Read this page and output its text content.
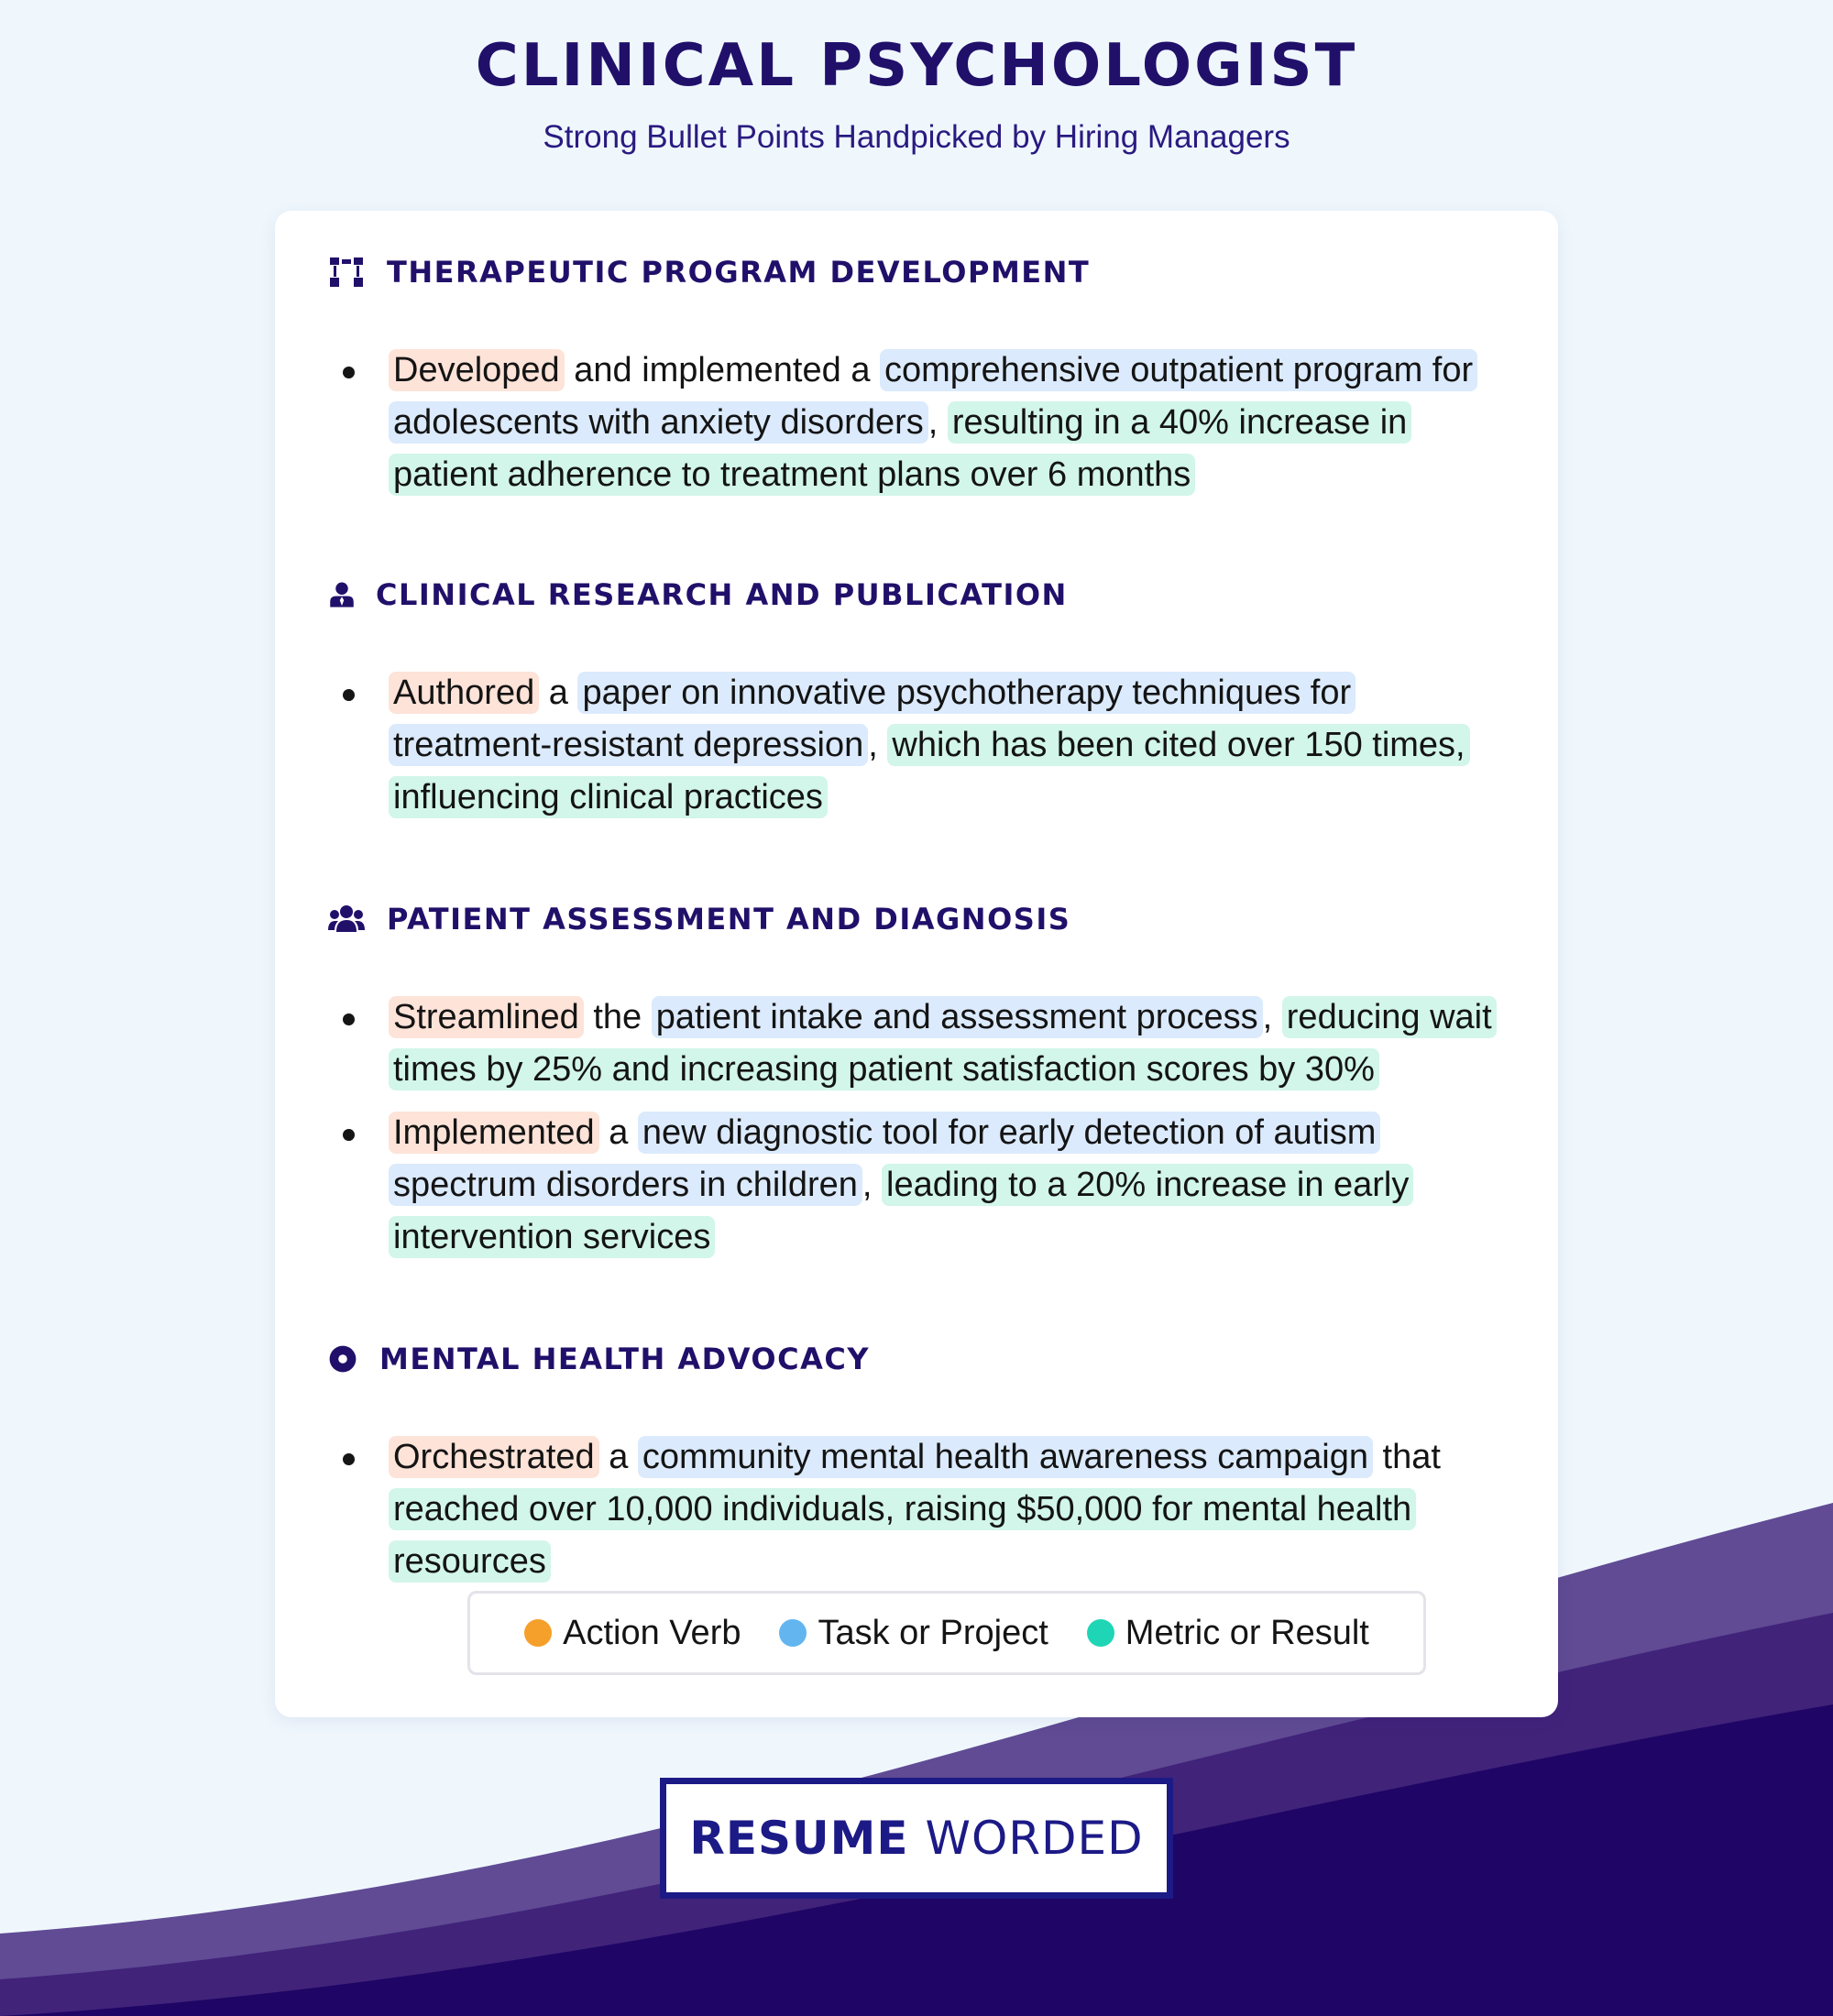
CLINICAL PSYCHOLOGIST
Strong Bullet Points Handpicked by Hiring Managers
THERAPEUTIC PROGRAM DEVELOPMENT
Developed and implemented a comprehensive outpatient program for adolescents with anxiety disorders , resulting in a 40% increase in patient adherence to treatment plans over 6 months
CLINICAL RESEARCH AND PUBLICATION
Authored a paper on innovative psychotherapy techniques for treatment-resistant depression , which has been cited over 150 times, influencing clinical practices
PATIENT ASSESSMENT AND DIAGNOSIS
Streamlined the patient intake and assessment process , reducing wait times by 25% and increasing patient satisfaction scores by 30%
Implemented a new diagnostic tool for early detection of autism spectrum disorders in children , leading to a 20% increase in early intervention services
MENTAL HEALTH ADVOCACY
Orchestrated a community mental health awareness campaign that reached over 10,000 individuals, raising $50,000 for mental health resources
Action Verb Task or Project Metric or Result
RESUME WORDED
